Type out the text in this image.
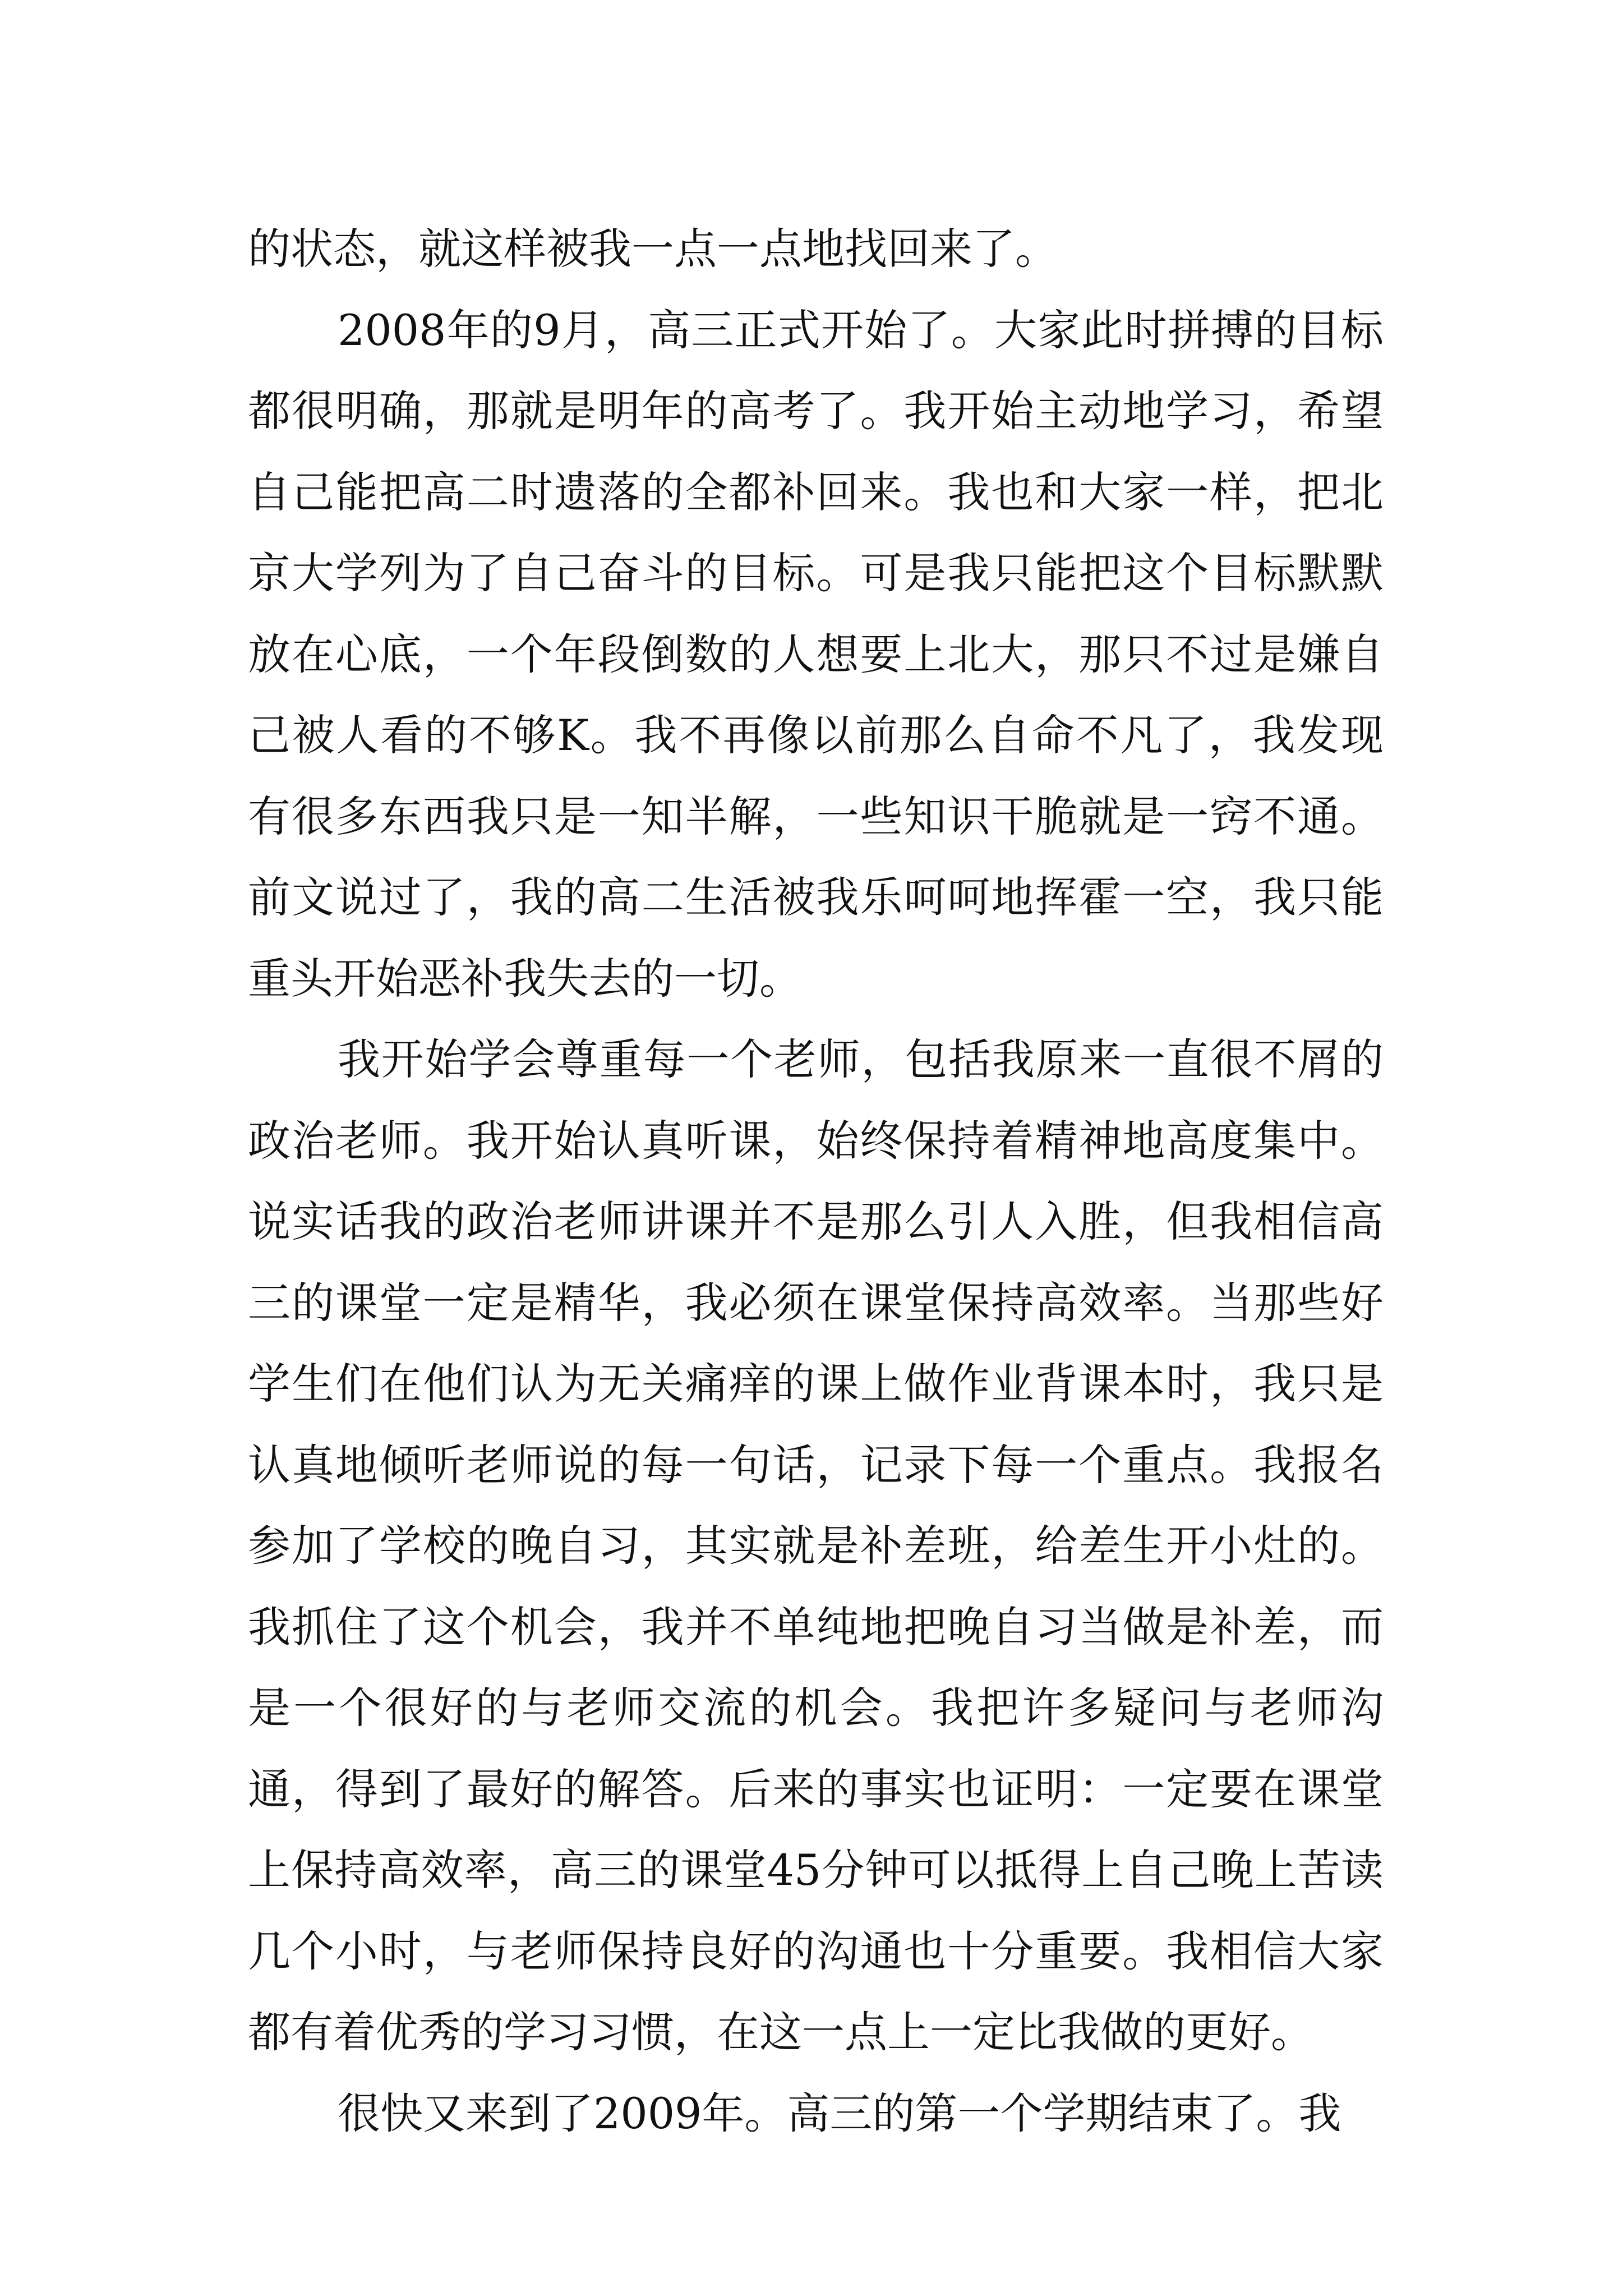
的状态，就这样被我一点一点地找回来了。

2008年的9月，高三正式开始了。大家此时拼搏的目标都很明确，那就是明年的高考了。我开始主动地学习，希望自己能把高二时遗落的全都补回来。我也和大家一样，把北京大学列为了自己奋斗的目标。可是我只能把这个目标默默放在心底，一个年段倒数的人想要上北大，那只不过是嫌自己被人看的不够K。我不再像以前那么自命不凡了，我发现有很多东西我只是一知半解，一些知识干脆就是一窍不通。前文说过了，我的高二生活被我乐呵呵地挥霍一空，我只能重头开始恶补我失去的一切。

我开始学会尊重每一个老师，包括我原来一直很不屑的政治老师。我开始认真听课，始终保持着精神地高度集中。说实话我的政治老师讲课并不是那么引人入胜，但我相信高三的课堂一定是精华，我必须在课堂保持高效率。当那些好学生们在他们认为无关痛痒的课上做作业背课本时，我只是认真地倾听老师说的每一句话，记录下每一个重点。我报名参加了学校的晚自习，其实就是补差班，给差生开小灶的。我抓住了这个机会，我并不单纯地把晚自习当做是补差，而是一个很好的与老师交流的机会。我把许多疑问与老师沟通，得到了最好的解答。后来的事实也证明：一定要在课堂上保持高效率，高三的课堂45分钟可以抵得上自己晚上苦读几个小时，与老师保持良好的沟通也十分重要。我相信大家都有着优秀的学习习惯，在这一点上一定比我做的更好。

很快又来到了2009年。高三的第一个学期结束了。我
